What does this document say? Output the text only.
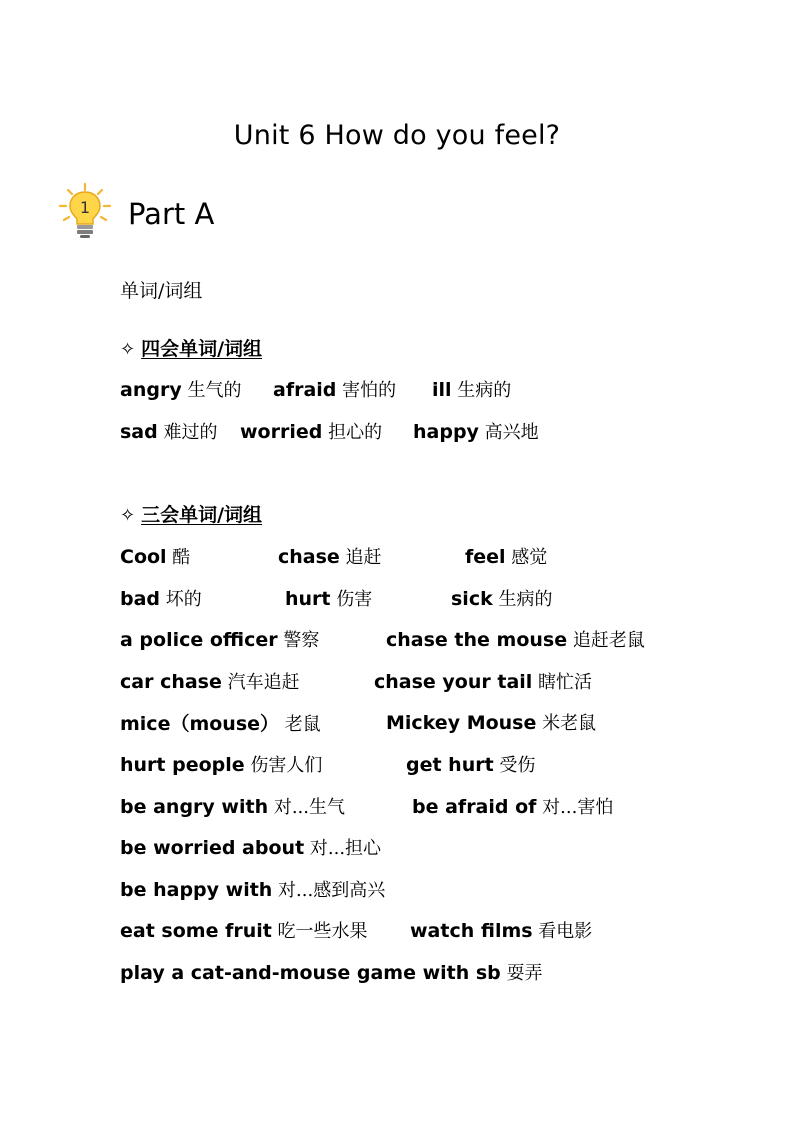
Unit 6 How do you feel?
1 Part A
单词/词组
✧ 四会单词/词组
angry 生气的 afraid 害怕的 ill 生病的
sad 难过的 worried 担心的 happy 高兴地
✧ 三会单词/词组
Cool 酷	chase 追赶	feel 感觉
bad 坏的	hurt 伤害	sick 生病的
a police officer 警察	chase the mouse 追赶老鼠
car chase 汽车追赶	chase your tail 瞎忙活
mice（mouse） 老鼠	Mickey Mouse 米老鼠
hurt people 伤害人们	get hurt 受伤
be angry with 对...生气	be afraid of 对...害怕
be worried about 对...担心
be happy with 对...感到高兴
eat some fruit 吃一些水果 watch films 看电影
play a cat-and-mouse game with sb 耍弄
